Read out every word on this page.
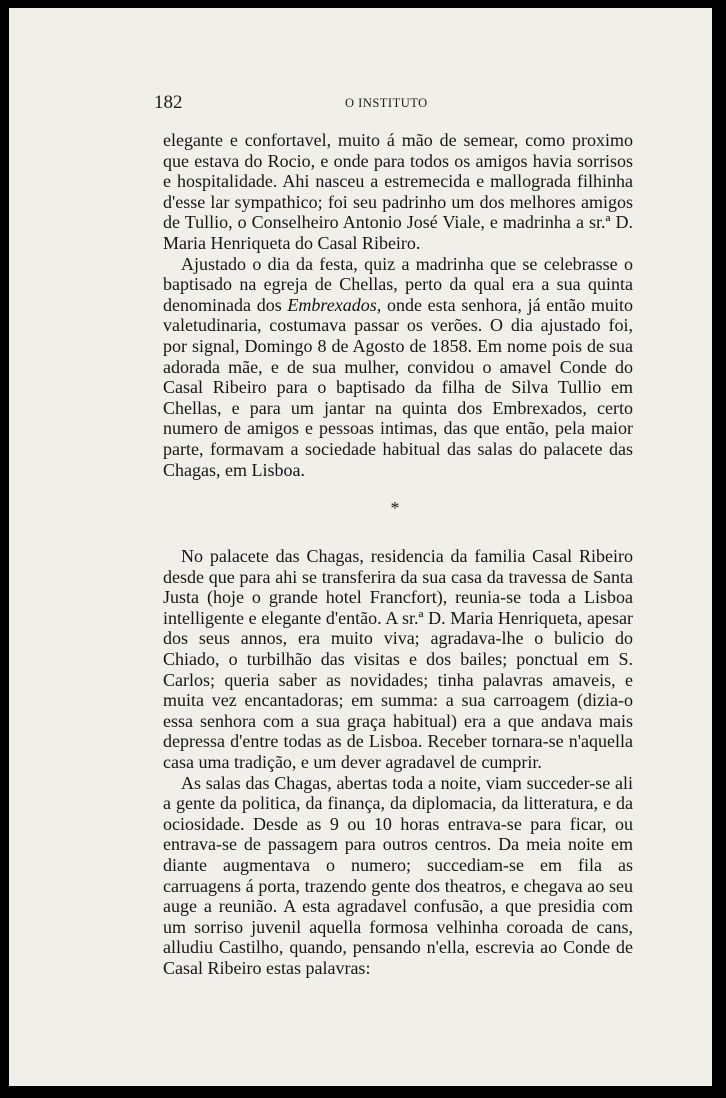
182	O INSTITUTO

elegante e confortavel, muito á mão de semear, como proximo que estava do Rocio, e onde para todos os amigos havia sorrisos e hospitalidade. Ahi nasceu a estremecida e mallograda filhinha d'esse lar sympathico; foi seu padrinho um dos melhores amigos de Tullio, o Conselheiro Antonio José Viale, e madrinha a sr.ª D. Maria Henriqueta do Casal Ribeiro.

Ajustado o dia da festa, quiz a madrinha que se celebrasse o baptisado na egreja de Chellas, perto da qual era a sua quinta denominada dos Embrexados, onde esta senhora, já então muito valetudinaria, costumava passar os verões. O dia ajustado foi, por signal, Domingo 8 de Agosto de 1858. Em nome pois de sua adorada mãe, e de sua mulher, convidou o amavel Conde do Casal Ribeiro para o baptisado da filha de Silva Tullio em Chellas, e para um jantar na quinta dos Embrexados, certo numero de amigos e pessoas intimas, das que então, pela maior parte, formavam a sociedade habitual das salas do palacete das Chagas, em Lisboa.

*

No palacete das Chagas, residencia da familia Casal Ribeiro desde que para ahi se transferira da sua casa da travessa de Santa Justa (hoje o grande hotel Francfort), reunia-se toda a Lisboa intelligente e elegante d'então. A sr.ª D. Maria Henriqueta, apesar dos seus annos, era muito viva; agradava-lhe o bulicio do Chiado, o turbilhão das visitas e dos bailes; ponctual em S. Carlos; queria saber as novidades; tinha palavras amaveis, e muita vez encantadoras; em summa: a sua carroagem (dizia-o essa senhora com a sua graça habitual) era a que andava mais depressa d'entre todas as de Lisboa. Receber tornara-se n'aquella casa uma tradição, e um dever agradavel de cumprir.

As salas das Chagas, abertas toda a noite, viam succeder-se ali a gente da politica, da finança, da diplomacia, da litteratura, e da ociosidade. Desde as 9 ou 10 horas entrava-se para ficar, ou entrava-se de passagem para outros centros. Da meia noite em diante augmentava o numero; succediam-se em fila as carruagens á porta, trazendo gente dos theatros, e chegava ao seu auge a reunião. A esta agradavel confusão, a que presidia com um sorriso juvenil aquella formosa velhinha coroada de cans, alludiu Castilho, quando, pensando n'ella, escrevia ao Conde de Casal Ribeiro estas palavras:
